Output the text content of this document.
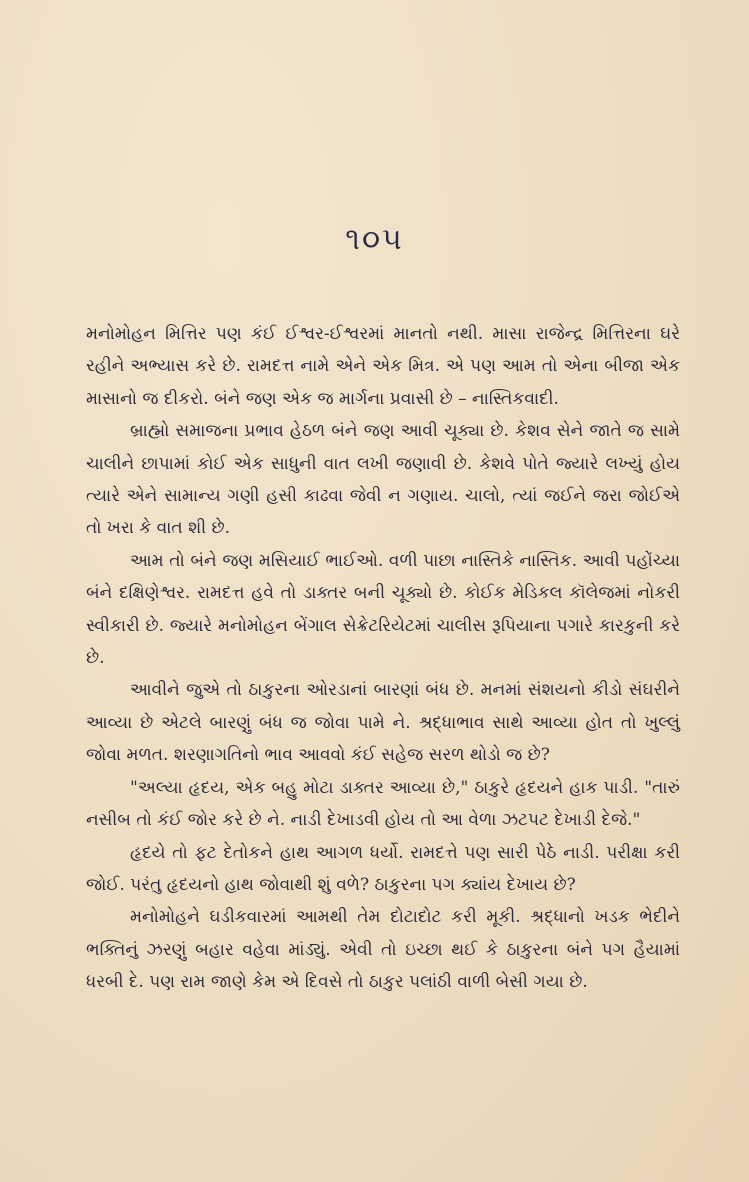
૧૦૫

મનોમોહન મિત્તિર પણ કંઈ ઈશ્વર-ઈશ્વરમાં માનતો નથી. માસા રાજેન્દ્ર મિત્તિરના ઘરે રહીને અભ્યાસ કરે છે. રામદત્ત નામે એને એક મિત્ર. એ પણ આમ તો એના બીજા એક માસાનો જ દીકરો. બંને જણ એક જ માર્ગના પ્રવાસી છે – નાસ્તિકવાદી.

બ્રાહ્મો સમાજના પ્રભાવ હેઠળ બંને જણ આવી ચૂક્યા છે. કેશવ સેને જાતે જ સામે ચાલીને છાપામાં કોઈ એક સાધુની વાત લખી જણાવી છે. કેશવે પોતે જ્યારે લખ્યું હોય ત્યારે એને સામાન્ય ગણી હસી કાઢવા જેવી ન ગણાય. ચાલો, ત્યાં જઈને જરા જોઈએ તો ખરા કે વાત શી છે.

આમ તો બંને જણ મસિયાઈ ભાઈઓ. વળી પાછા નાસ્તિકે નાસ્તિક. આવી પહોંચ્યા બંને દક્ષિણેશ્વર. રામદત્ત હવે તો ડાક્તર બની ચૂક્યો છે. કોઈક મેડિકલ કૉલેજમાં નોકરી સ્વીકારી છે. જ્યારે મનોમોહન બેંગાલ સેક્રેટરિયેટમાં ચાલીસ રૂપિયાના પગારે કારકુની કરે છે.

આવીને જુએ તો ઠાકુરના ઓરડાનાં બારણાં બંધ છે. મનમાં સંશયનો કીડો સંઘરીને આવ્યા છે એટલે બારણું બંધ જ જોવા પામે ને. શ્રદ્ધાભાવ સાથે આવ્યા હોત તો ખુલ્લું જોવા મળત. શરણાગતિનો ભાવ આવવો કંઈ સહેજ સરળ થોડો જ છે?

"અલ્યા હૃદય, એક બહુ મોટા ડાક્તર આવ્યા છે," ઠાકુરે હૃદયને હાક પાડી. "તારું નસીબ તો કંઈ જોર કરે છે ને. નાડી દેખાડવી હોય તો આ વેળા ઝટપટ દેખાડી દેજે."

હૃદયે તો ફટ દેતોકને હાથ આગળ ધર્યો. રામદત્તે પણ સારી પેઠે નાડી. પરીક્ષા કરી જોઈ. પરંતુ હૃદયનો હાથ જોવાથી શું વળે? ઠાકુરના પગ ક્યાંય દેખાય છે?

મનોમોહને ઘડીકવારમાં આમથી તેમ દોટાદોટ કરી મૂકી. શ્રદ્ધાનો ખડક ભેદીને ભક્તિનું ઝરણું બહાર વહેવા માંડ્યું. એવી તો ઇચ્છા થઈ કે ઠાકુરના બંને પગ હૈયામાં ધરબી દે. પણ રામ જાણે કેમ એ દિવસે તો ઠાકુર પલાંઠી વાળી બેસી ગયા છે.
